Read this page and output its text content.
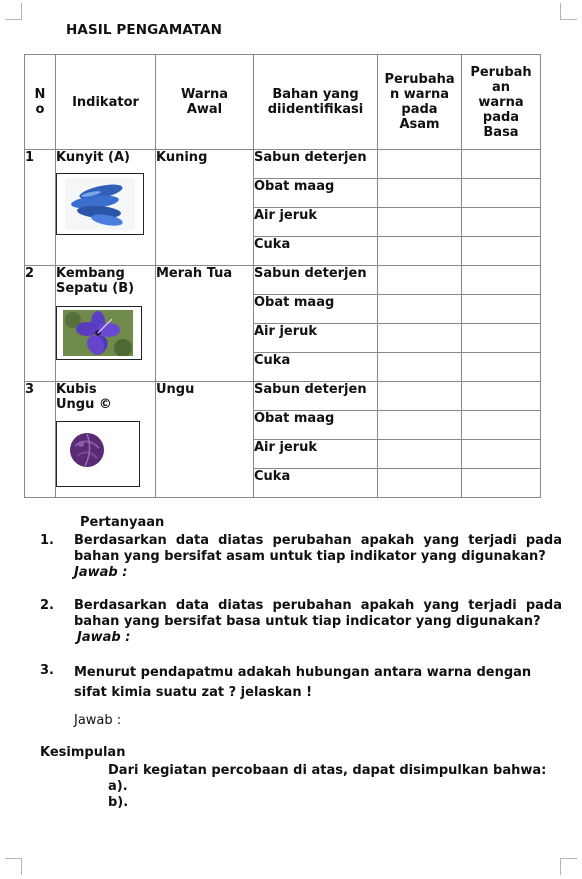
HASIL PENGAMATAN
N o	Indikator	Warna Awal	Bahan yang diidentifikasi	Perubaha n warna pada Asam	Perubah an warna pada Basa

1	Kunyit (A)	Kuning	Sabun deterjen		
			Obat maag		
			Air jeruk		
			Cuka		
2	Kembang Sepatu (B)	Merah Tua	Sabun deterjen		
			Obat maag		
			Air jeruk		
			Cuka		
3	Kubis Ungu ©	Ungu	Sabun deterjen		
			Obat maag		
			Air jeruk		
			Cuka		
Pertanyaan
1. Berdasarkan data diatas perubahan apakah yang terjadi pada bahan yang bersifat asam untuk tiap indikator yang digunakan?
Jawab :
2. Berdasarkan data diatas perubahan apakah yang terjadi pada bahan yang bersifat basa untuk tiap indicator yang digunakan?
Jawab :
3. Menurut pendapatmu adakah hubungan antara warna dengan sifat kimia suatu zat ? jelaskan !
Jawab :
Kesimpulan
Dari kegiatan percobaan di atas, dapat disimpulkan bahwa:
a).
b).
